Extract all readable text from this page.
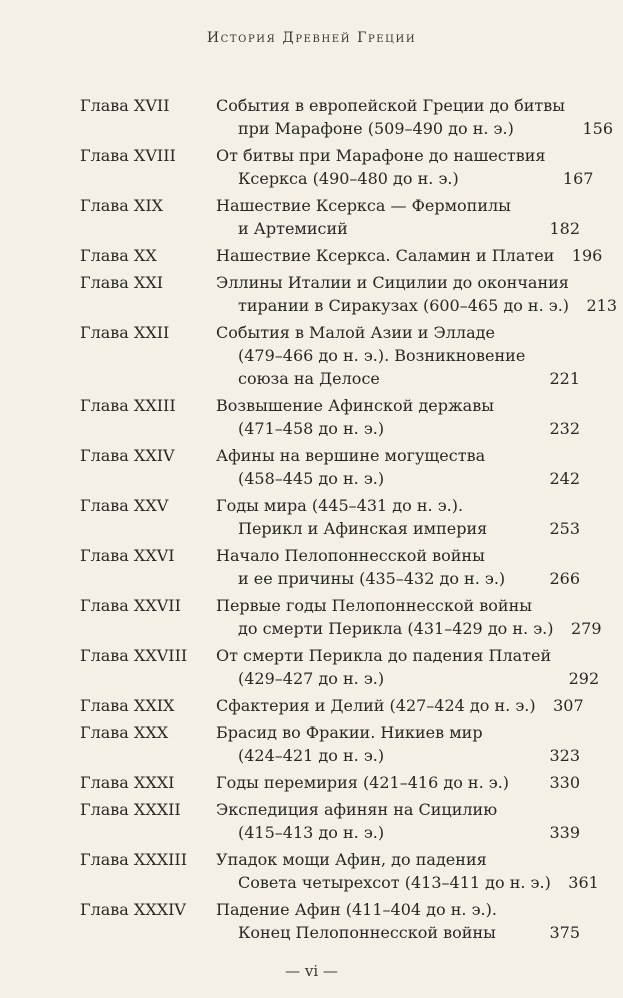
История Древней Греции
Глава XVII	События в европейской Греции до битвы
при Марафоне (509–490 до н. э.)	156
Глава XVIII	От битвы при Марафоне до нашествия
Ксеркса (490–480 до н. э.)	167
Глава XIX	Нашествие Ксеркса — Фермопилы
и Артемисий	182
Глава XX	Нашествие Ксеркса. Саламин и Платеи	196
Глава XXI	Эллины Италии и Сицилии до окончания
тирании в Сиракузах (600–465 до н. э.)	213
Глава XXII	События в Малой Азии и Элладе
(479–466 до н. э.). Возникновение
союза на Делосе	221
Глава XXIII	Возвышение Афинской державы
(471–458 до н. э.)	232
Глава XXIV	Афины на вершине могущества
(458–445 до н. э.)	242
Глава XXV	Годы мира (445–431 до н. э.).
Перикл и Афинская империя	253
Глава XXVI	Начало Пелопоннесской войны
и ее причины (435–432 до н. э.)	266
Глава XXVII	Первые годы Пелопоннесской войны
до смерти Перикла (431–429 до н. э.)	279
Глава XXVIII	От смерти Перикла до падения Платей
(429–427 до н. э.)	292
Глава XXIX	Сфактерия и Делий (427–424 до н. э.)	307
Глава XXX	Брасид во Фракии. Никиев мир
(424–421 до н. э.)	323
Глава XXXI	Годы перемирия (421–416 до н. э.)	330
Глава XXXII	Экспедиция афинян на Сицилию
(415–413 до н. э.)	339
Глава XXXIII	Упадок мощи Афин, до падения
Совета четырехсот (413–411 до н. э.)	361
Глава XXXIV	Падение Афин (411–404 до н. э.).
Конец Пелопоннесской войны	375
— vi —
